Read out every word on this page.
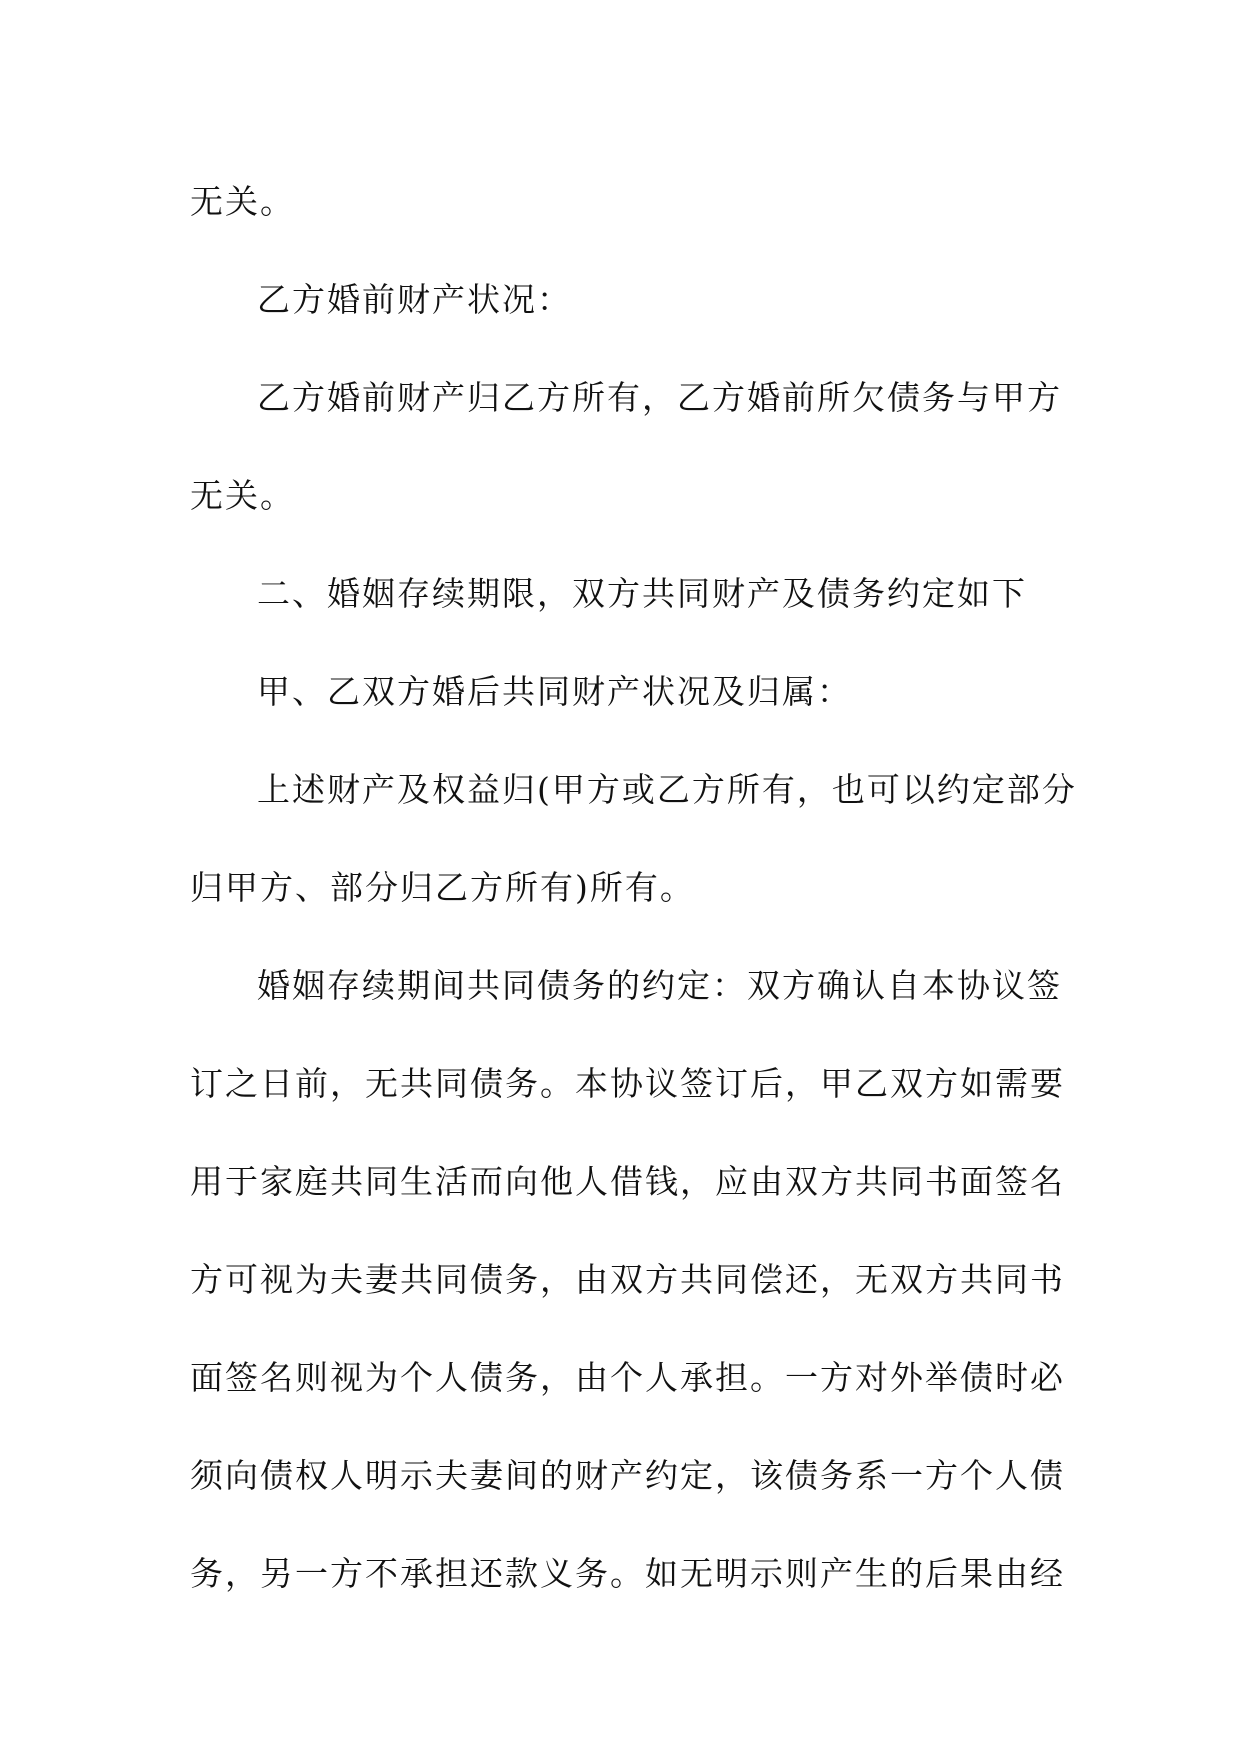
无关。
乙方婚前财产状况：
乙方婚前财产归乙方所有，乙方婚前所欠债务与甲方
无关。
二、婚姻存续期限，双方共同财产及债务约定如下
甲、乙双方婚后共同财产状况及归属：
上述财产及权益归(甲方或乙方所有，也可以约定部分
归甲方、部分归乙方所有)所有。
婚姻存续期间共同债务的约定：双方确认自本协议签
订之日前，无共同债务。本协议签订后，甲乙双方如需要
用于家庭共同生活而向他人借钱，应由双方共同书面签名
方可视为夫妻共同债务，由双方共同偿还，无双方共同书
面签名则视为个人债务，由个人承担。一方对外举债时必
须向债权人明示夫妻间的财产约定，该债务系一方个人债
务，另一方不承担还款义务。如无明示则产生的后果由经
